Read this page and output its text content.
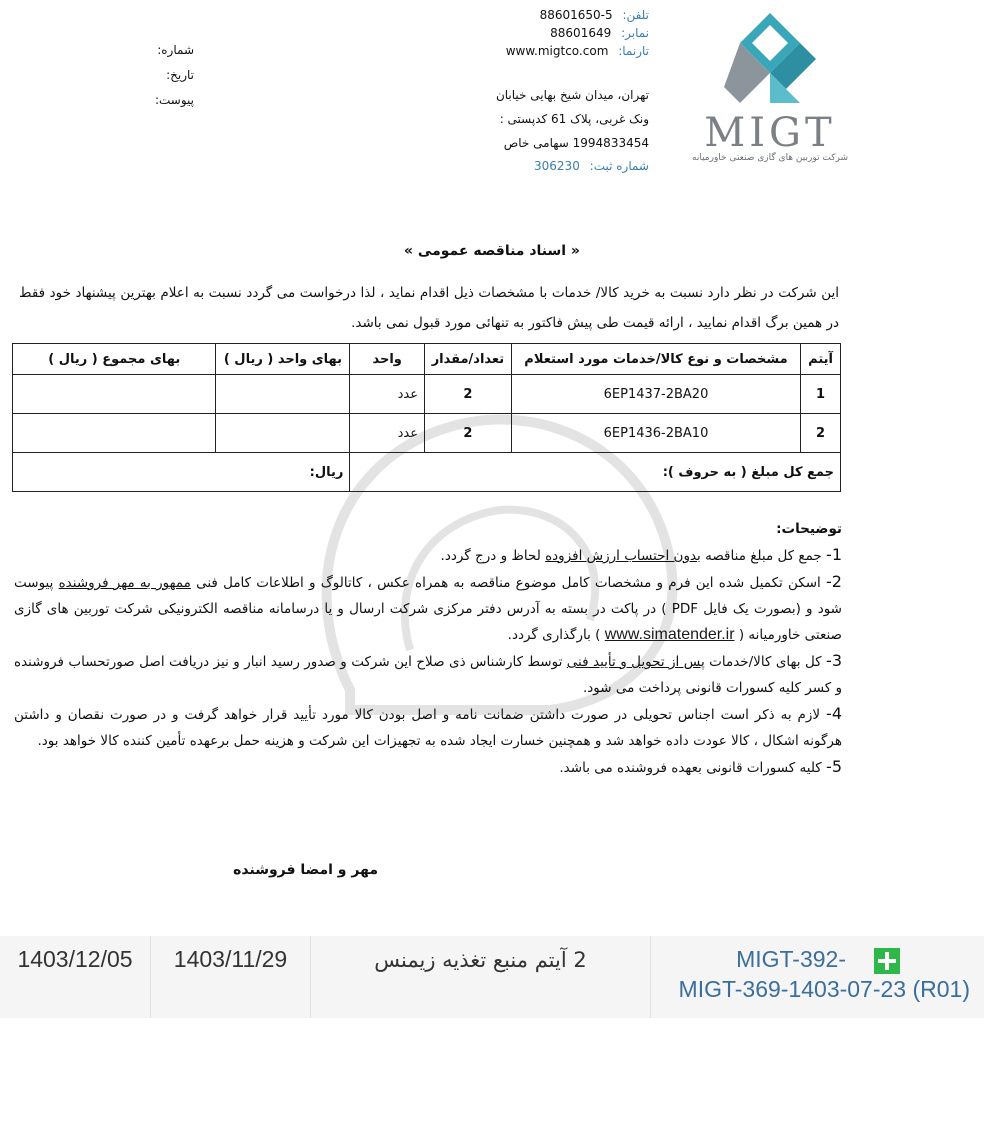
MIGT
شرکت توربین های گازی صنعتی خاورمیانه
تلفن: 88601650-5
نمابر: 88601649
تارنما: www.migtco.com
تهران، میدان شیخ بهایی خیابان
ونک غربی، پلاک 61 کدپستی :
1994833454 سهامی خاص
شماره ثبت: 306230
شماره:
تاریخ:
پیوست:
« اسناد مناقصه عمومی »
این شرکت در نظر دارد نسبت به خرید کالا/ خدمات با مشخصات ذیل اقدام نماید ، لذا درخواست می گردد نسبت به اعلام بهترین پیشنهاد خود فقط در همین برگ اقدام نمایید ، ارائه قیمت طی پیش فاکتور به تنهائی مورد قبول نمی باشد.
آیتم	مشخصات و نوع کالا/خدمات مورد استعلام	تعداد/مقدار	واحد	بهای واحد ( ریال )	بهای مجموع ( ریال )
1	6EP1437-2BA20	2	عدد		
2	6EP1436-2BA10	2	عدد		
جمع کل مبلغ ( به حروف ):				ریال:	

توضیحات:

1- جمع کل مبلغ مناقصه بدون احتساب ارزش افزوده لحاظ و درج گردد.

2- اسکن تکمیل شده این فرم و مشخصات کامل موضوع مناقصه به همراه عکس ، کاتالوگ و اطلاعات کامل فنی ممهور به مهر فروشنده پیوست شود و (بصورت یک فایل PDF ) در پاکت در بسته به آدرس دفتر مرکزی شرکت ارسال و یا درسامانه مناقصه الکترونیکی شرکت توربین های گازی صنعتی خاورمیانه ( www.simatender.ir ) بارگذاری گردد.

3- کل بهای کالا/خدمات پس از تحویل و تأیید فنی توسط کارشناس ذی صلاح این شرکت و صدور رسید انبار و نیز دریافت اصل صورتحساب فروشنده و کسر کلیه کسورات قانونی پرداخت می شود.

4- لازم به ذکر است اجناس تحویلی در صورت داشتن ضمانت نامه و اصل بودن کالا مورد تأیید قرار خواهد گرفت و در صورت نقصان و داشتن هرگونه اشکال ، کالا عودت داده خواهد شد و همچنین خسارت ایجاد شده به تجهیزات این شرکت و هزینه حمل برعهده تأمین کننده کالا خواهد بود.

5- کلیه کسورات قانونی بعهده فروشنده می باشد.

مهر و امضا فروشنده
MIGT-392-
MIGT-369-1403-07-23 (R01)
2 آیتم منبع تغذیه زیمنس
1403/11/29
1403/12/05
